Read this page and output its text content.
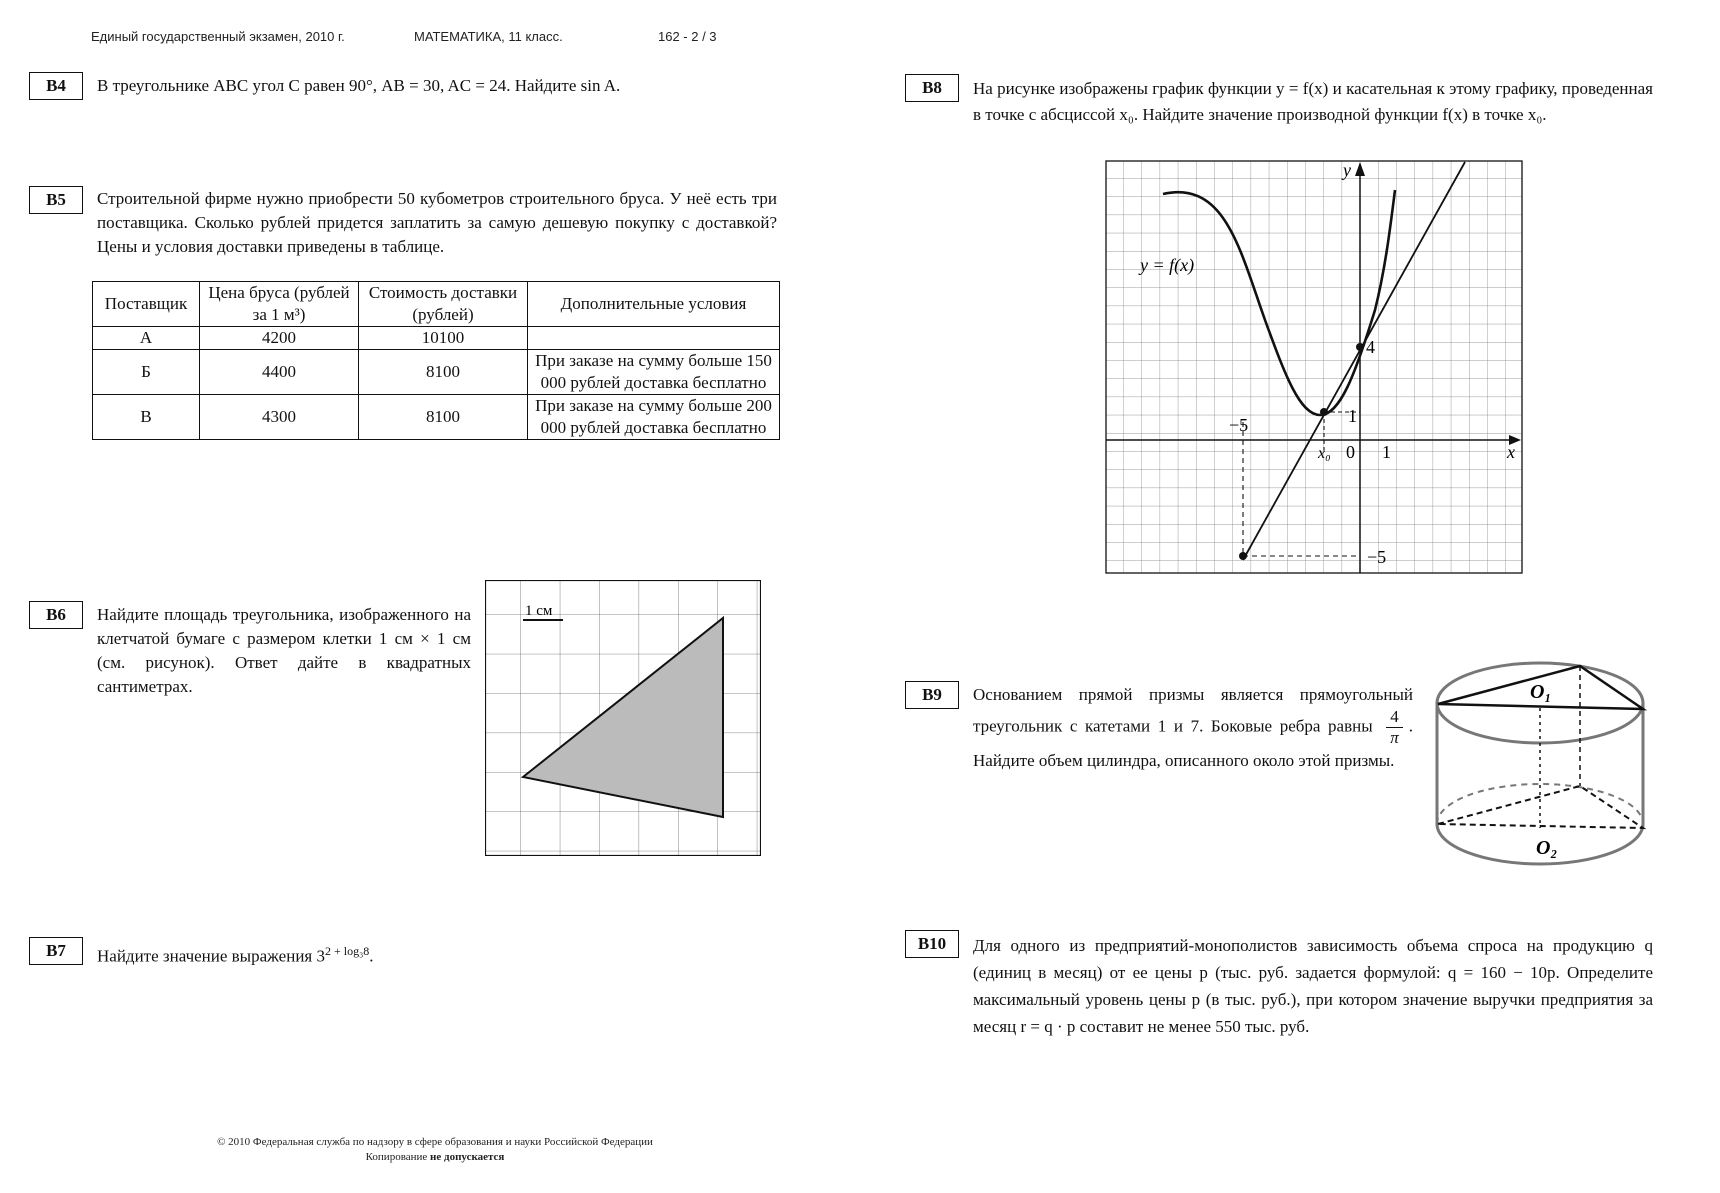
Единый государственный экзамен, 2010 г.	МАТЕМАТИКА, 11 класс.	162 - 2 / 3
B4	В треугольнике ABC угол C равен 90°, AB = 30, AC = 24. Найдите sin A.
B5	Строительной фирме нужно приобрести 50 кубометров строительного бруса. У неё есть три поставщика. Сколько рублей придется заплатить за самую дешевую покупку с доставкой? Цены и условия доставки приведены в таблице.
Поставщик	Цена бруса (рублей за 1 м³)	Стоимость доставки (рублей)	Дополнительные условия
А	4200	10100	
Б	4400	8100	При заказе на сумму больше 150 000 рублей доставка бесплатно
В	4300	8100	При заказе на сумму больше 200 000 рублей доставка бесплатно
B6	Найдите площадь треугольника, изображенного на клетчатой бумаге с размером клетки 1 см × 1 см (см. рисунок). Ответ дайте в квадратных сантиметрах.
1 см
B7	Найдите значение выражения $3^{2 + log_38}$.
B8	На рисунке изображены график функции y = f(x) и касательная к этому графику, проведенная в точке с абсциссой x₀. Найдите значение производной функции f(x) в точке x₀.
y = f(x)
x
y
−5	1
4
−5
0 1
x₀
B9	Основанием прямой призмы является прямоугольный треугольник с катетами 1 и 7. Боковые ребра равны $\frac{4}{\pi}$ . Найдите объем цилиндра, описанного около этой призмы.
O₁
O₂
B10	Для одного из предприятий-монополистов зависимость объема спроса на продукцию q (единиц в месяц) от ее цены p (тыс. руб. задается формулой: q = 160 − 10p. Определите максимальный уровень цены p (в тыс. руб.), при котором значение выручки предприятия за месяц r = q · p составит не менее 550 тыс. руб.
© 2010 Федеральная служба по надзору в сфере образования и науки Российской Федерации
Копирование не допускается
